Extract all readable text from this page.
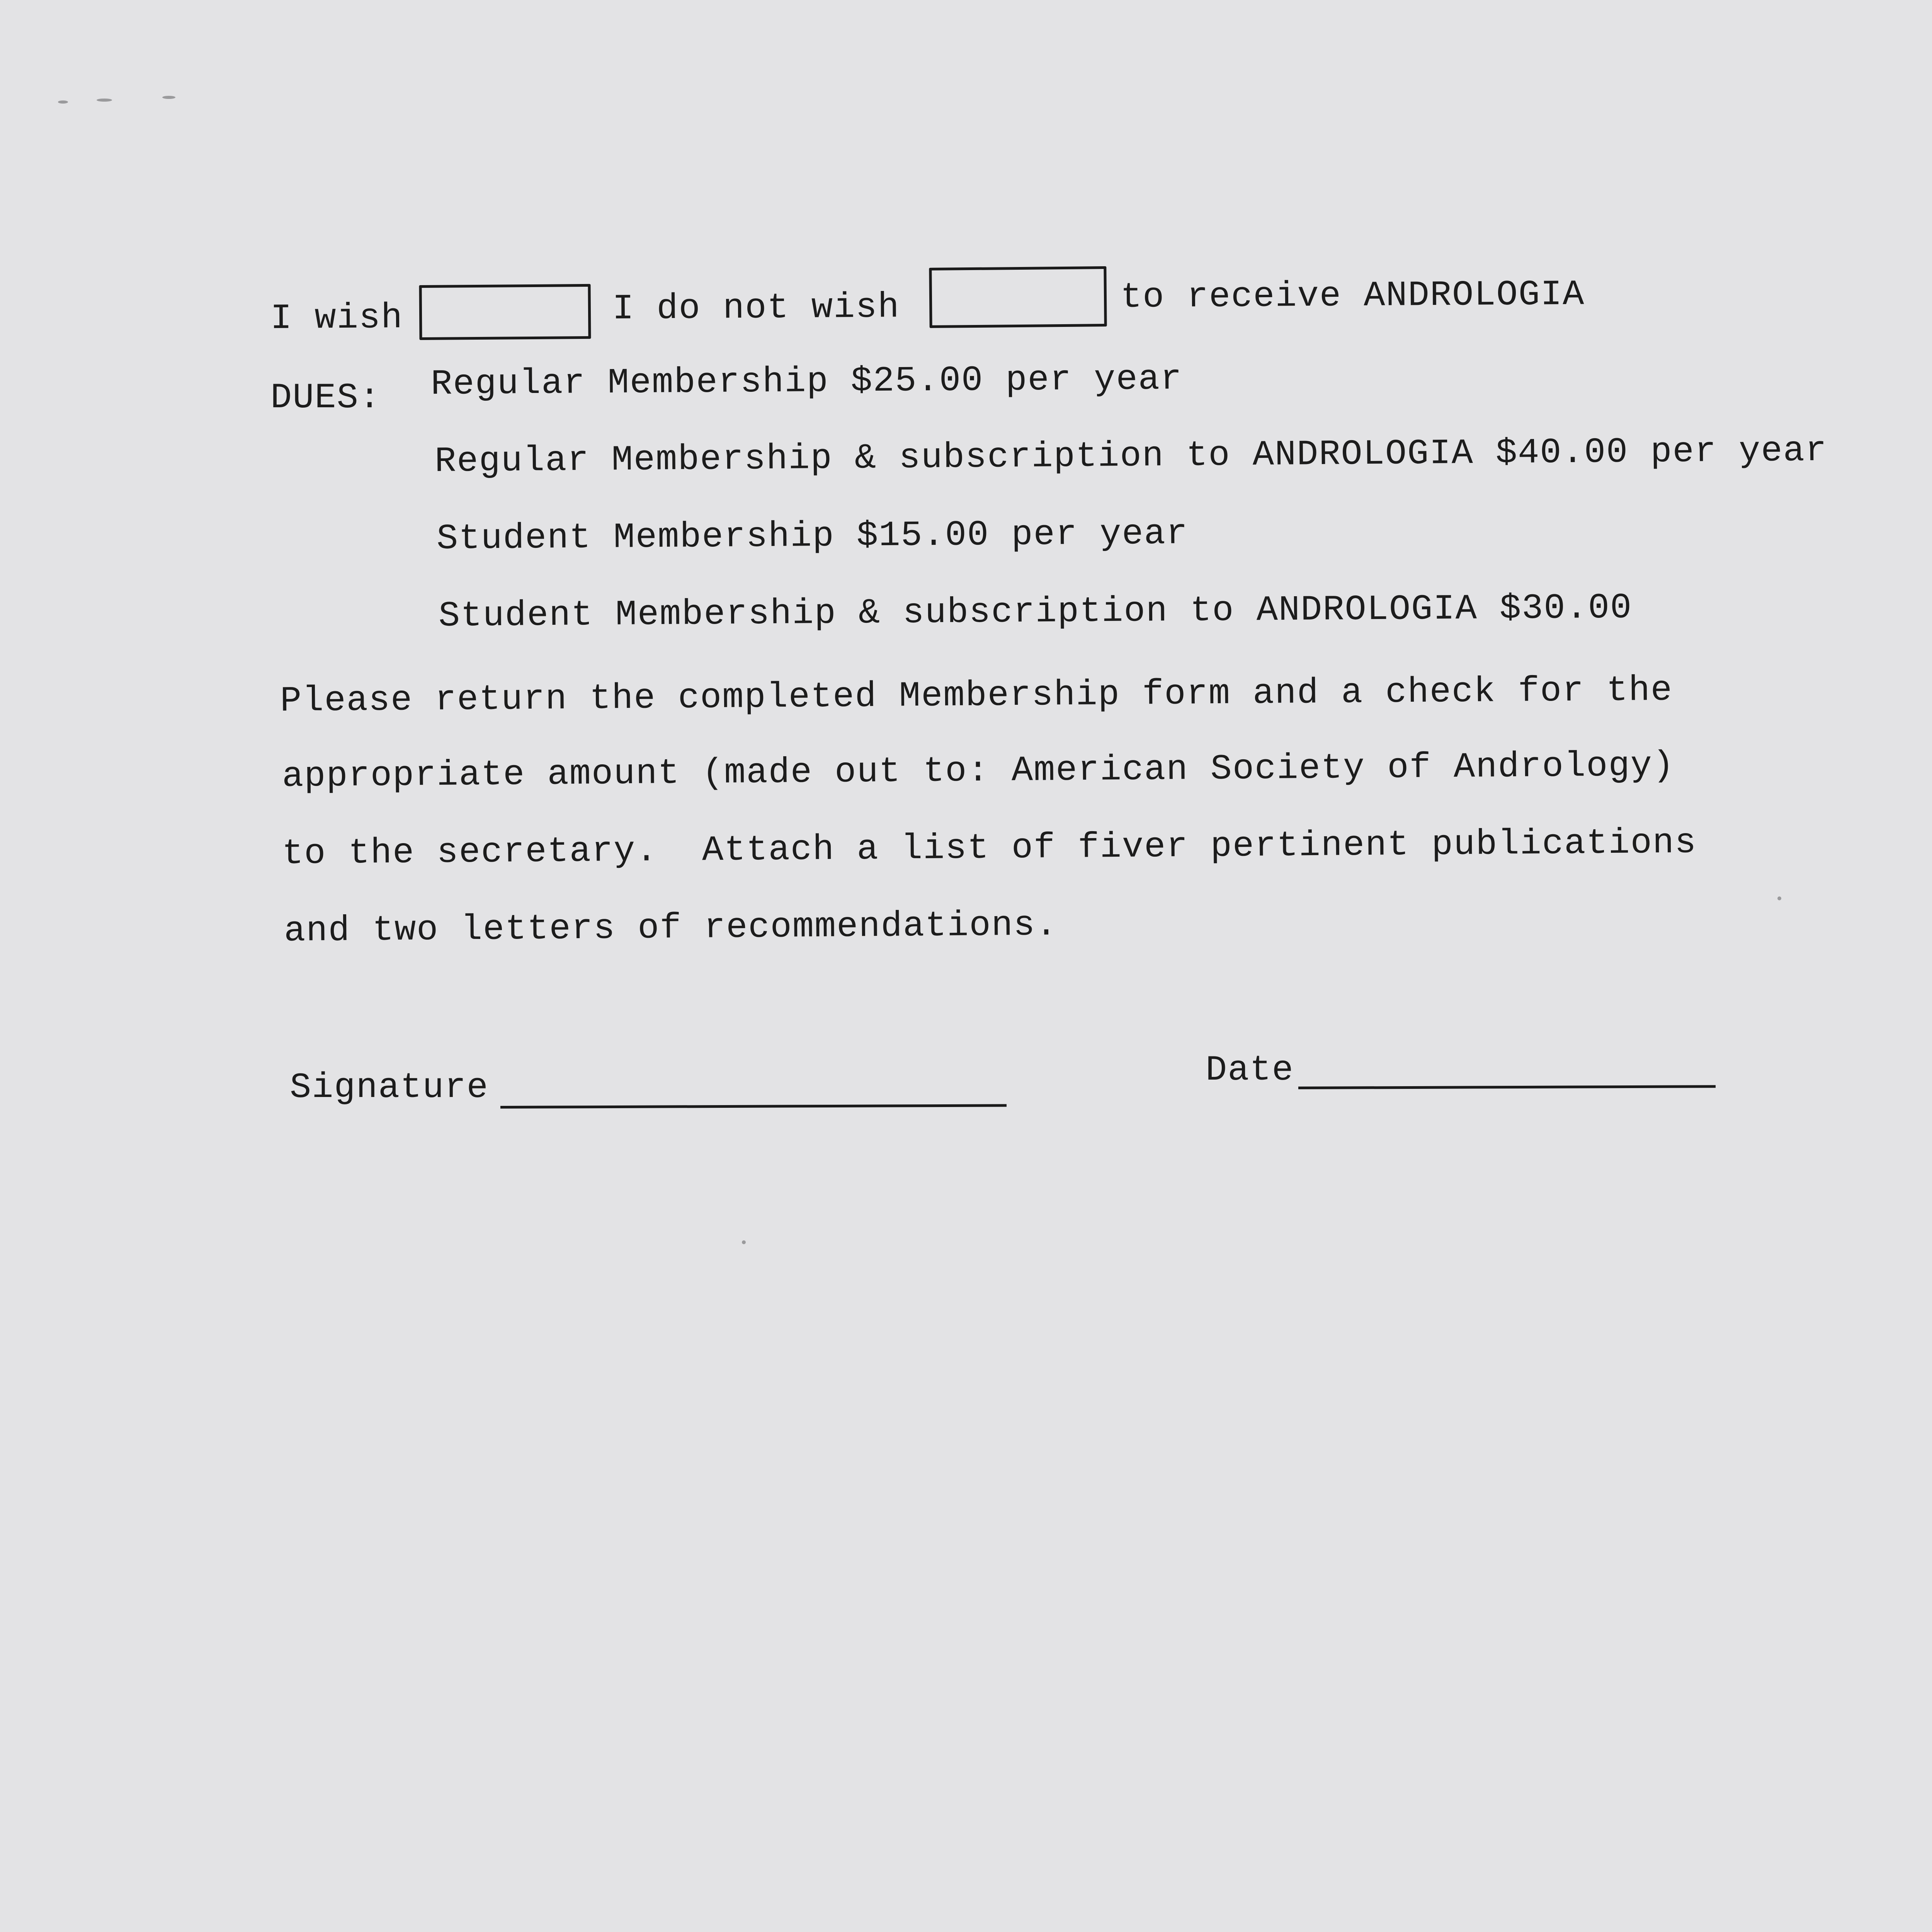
I wish	I do not wish	to receive ANDROLOGIA
DUES: Regular Membership $25.00 per year
Regular Membership & subscription to ANDROLOGIA $40.00 per year
Student Membership $15.00 per year
Student Membership & subscription to ANDROLOGIA $30.00
Please return the completed Membership form and a check for the
appropriate amount (made out to: American Society of Andrology)
to the secretary.  Attach a list of fiver pertinent publications
and two letters of recommendations.
Signature	Date
